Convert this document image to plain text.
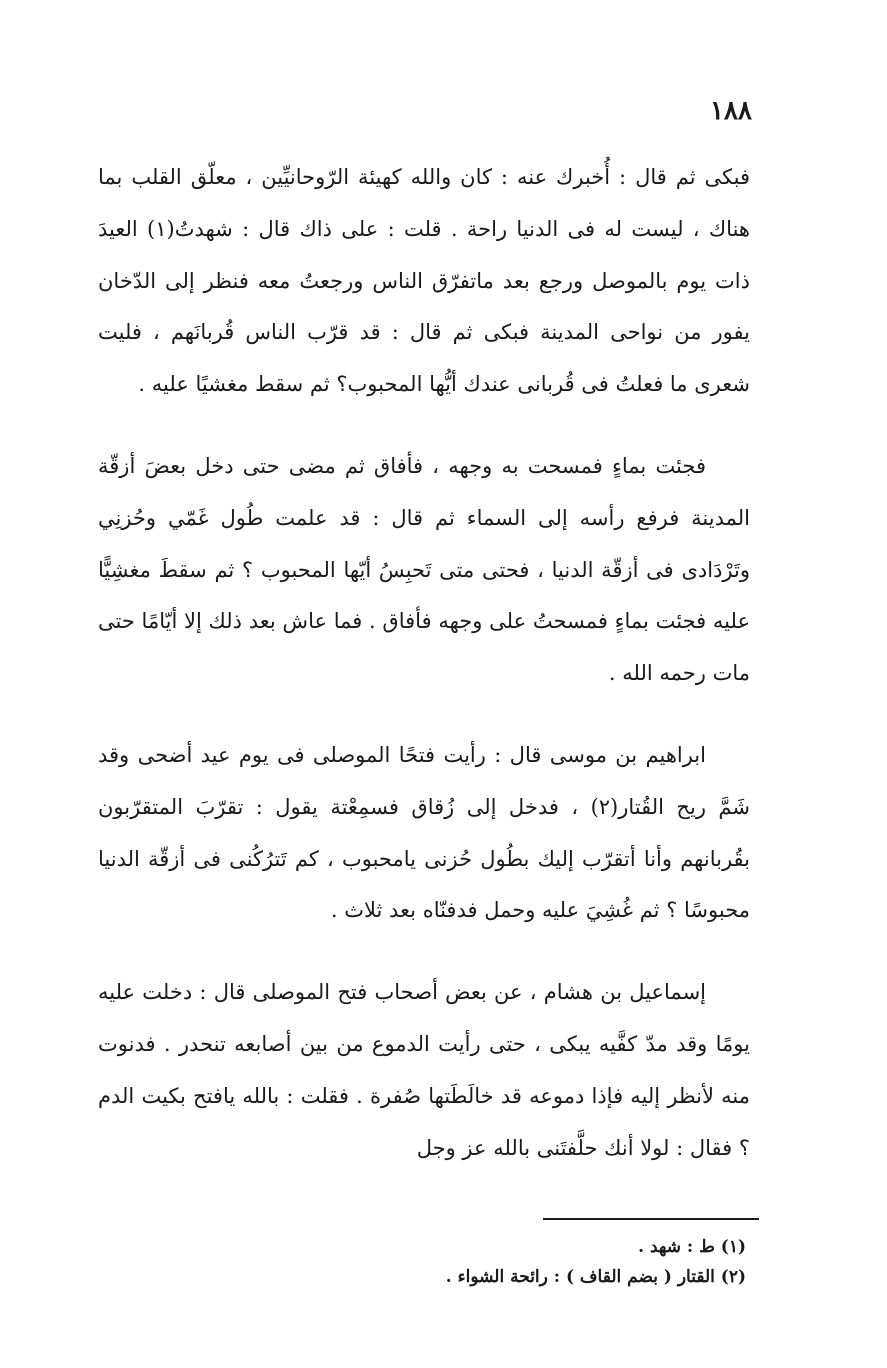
١٨٨

فبكى ثم قال : أُخبرك عنه : كان والله كهيئة الرّوحانيِّين ، معلّق القلب بما هناك ، ليست له فى الدنيا راحة . قلت : على ذاك قال : شهدتُ(١) العيدَ ذات يوم بالموصل ورجع بعد ماتفرّق الناس ورجعتُ معه فنظر إلى الدّخان يفور من نواحى المدينة فبكى ثم قال : قد قرّب الناس قُربانَهم ، فليت شعرى ما فعلتُ فى قُربانى عندك أيُّها المحبوب؟ ثم سقط مغشيًا عليه .

فجئت بماءٍ فمسحت به وجهه ، فأفاق ثم مضى حتى دخل بعضَ أزقّة المدينة فرفع رأسه إلى السماء ثم قال : قد علمت طُول غَمّي وحُزنِي وتَرْدَادى فى أزقّة الدنيا ، فحتى متى تَحبِسُ أيّها المحبوب ؟ ثم سقطَ مغشِيًّا عليه فجئت بماءٍ فمسحتُ على وجهه فأفاق . فما عاش بعد ذلك إلا أيّامًا حتى مات رحمه الله .

ابراهيم بن موسى قال : رأيت فتحًا الموصلى فى يوم عيد أضحى وقد شَمَّ ريح القُتار(٢) ، فدخل إلى زُقاق فسمِعْتة يقول : تقرّبَ المتقرّبون بقُربانهم وأنا أتقرّب إليك بطُول حُزنى يامحبوب ، كم تَترُكُنى فى أزقّة الدنيا محبوسًا ؟ ثم غُشِيَ عليه وحمل فدفنّاه بعد ثلاث .

إسماعيل بن هشام ، عن بعض أصحاب فتح الموصلى قال : دخلت عليه يومًا وقد مدّ كفَّيه يبكى ، حتى رأيت الدموع من بين أصابعه تنحدر . فدنوت منه لأنظر إليه فإذا دموعه قد خالَطَتها صُفرة . فقلت : بالله يافتح بكيت الدم ؟ فقال : لولا أنك حلَّفتَنى بالله عز وجل

(١) ط : شهد .
(٢) القتار ( بضم القاف ) : رائحة الشواء .
